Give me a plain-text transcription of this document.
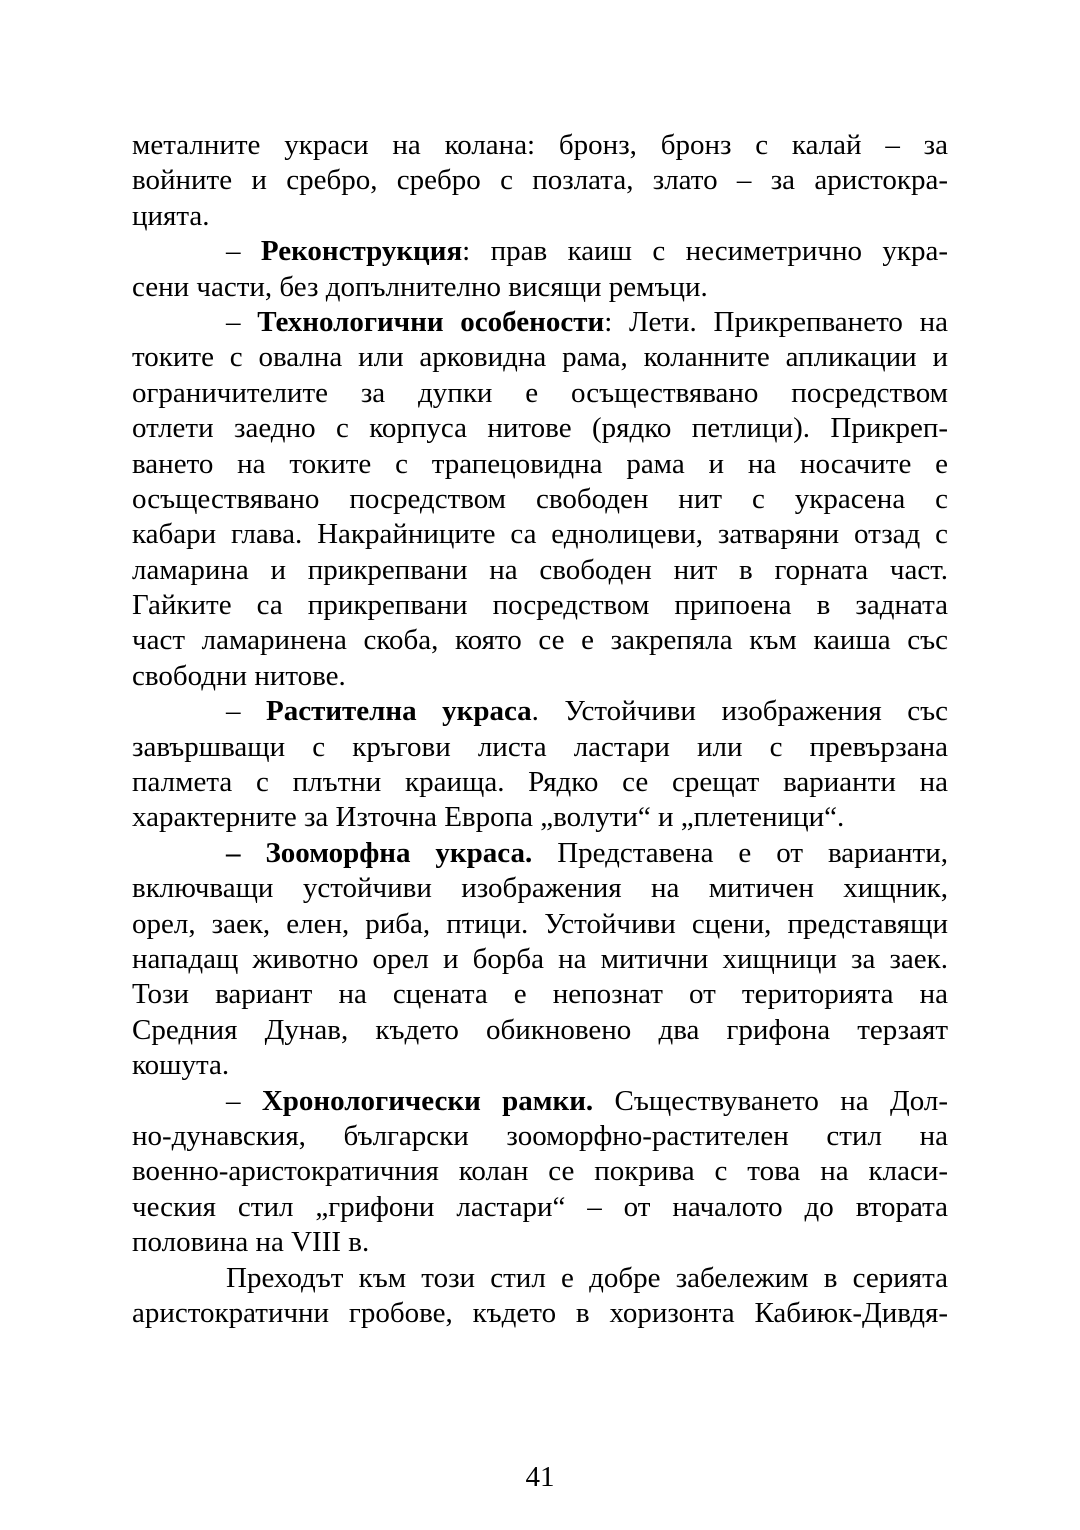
металните украси на колана: бронз, бронз с калай – за
войните и сребро, сребро с позлата, злато – за аристокра-
цията.
– Реконструкция: прав каиш с несиметрично укра-
сени части, без допълнително висящи ремъци.
– Технологични особености: Лети. Прикрепването на
токите с овална или арковидна рама, коланните апликации и
ограничителите за дупки е осъществявано посредством
отлети заедно с корпуса нитове (рядко петлици). Прикреп-
ването на токите с трапецовидна рама и на носачите е
осъществявано посредством свободен нит с украсена с
кабари глава. Накрайниците са еднолицеви, затваряни отзад с
ламарина и прикрепвани на свободен нит в горната част.
Гайките са прикрепвани посредством припоена в задната
част ламаринена скоба, която се е закрепяла към каиша със
свободни нитове.
– Растителна украса. Устойчиви изображения със
завършващи с кръгови листа ластари или с превързана
палмета с плътни краища. Рядко се срещат варианти на
характерните за Източна Европа „волути“ и „плетеници“.
– Зооморфна украса. Представена е от варианти,
включващи устойчиви изображения на митичен хищник,
орел, заек, елен, риба, птици. Устойчиви сцени, представящи
нападащ животно орел и борба на митични хищници за заек.
Този вариант на сцената е непознат от територията на
Средния Дунав, където обикновено два грифона терзаят
кошута.
– Хронологически рамки. Съществуването на Дол-
но-дунавския, български зооморфно-растителен стил на
военно-аристократичния колан се покрива с това на класи-
ческия стил „грифони ластари“ – от началото до втората
половина на VIII в.
Преходът към този стил е добре забележим в серията
аристократични гробове, където в хоризонта Кабиюк-Дивдя-
41
